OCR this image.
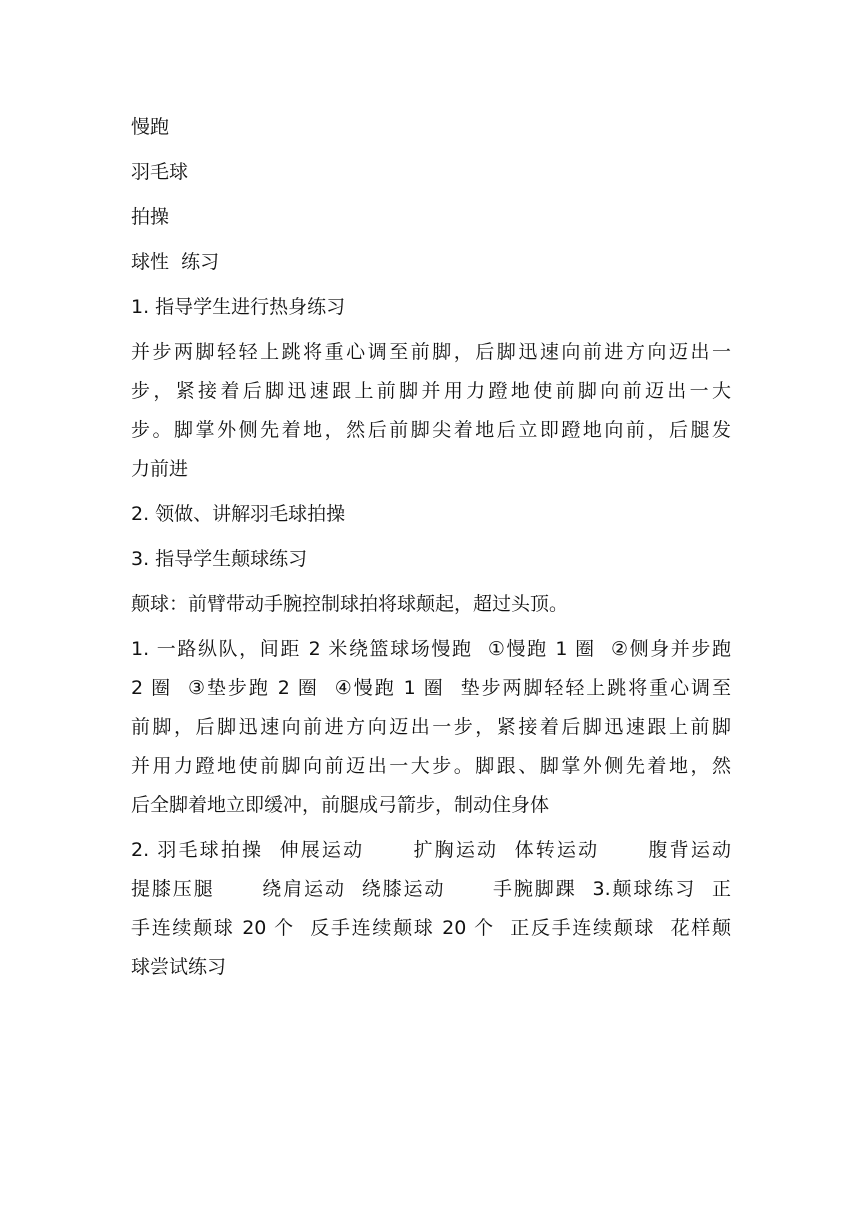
慢跑
羽毛球
拍操
球性  练习
1. 指导学生进行热身练习
并步两脚轻轻上跳将重心调至前脚，后脚迅速向前进方向迈出一
步，紧接着后脚迅速跟上前脚并用力蹬地使前脚向前迈出一大
步。脚掌外侧先着地，然后前脚尖着地后立即蹬地向前，后腿发
力前进
2. 领做、讲解羽毛球拍操
3. 指导学生颠球练习
颠球：前臂带动手腕控制球拍将球颠起，超过头顶。
1. 一路纵队，间距 2 米绕篮球场慢跑  ①慢跑 1 圈  ②侧身并步跑
2 圈  ③垫步跑 2 圈  ④慢跑 1 圈  垫步两脚轻轻上跳将重心调至
前脚，后脚迅速向前进方向迈出一步，紧接着后脚迅速跟上前脚
并用力蹬地使前脚向前迈出一大步。脚跟、脚掌外侧先着地，然
后全脚着地立即缓冲，前腿成弓箭步，制动住身体
2. 羽毛球拍操  伸展运动      扩胸运动  体转运动      腹背运动
提膝压腿      绕肩运动  绕膝运动      手腕脚踝  3.颠球练习  正
手连续颠球 20 个  反手连续颠球 20 个  正反手连续颠球  花样颠
球尝试练习
